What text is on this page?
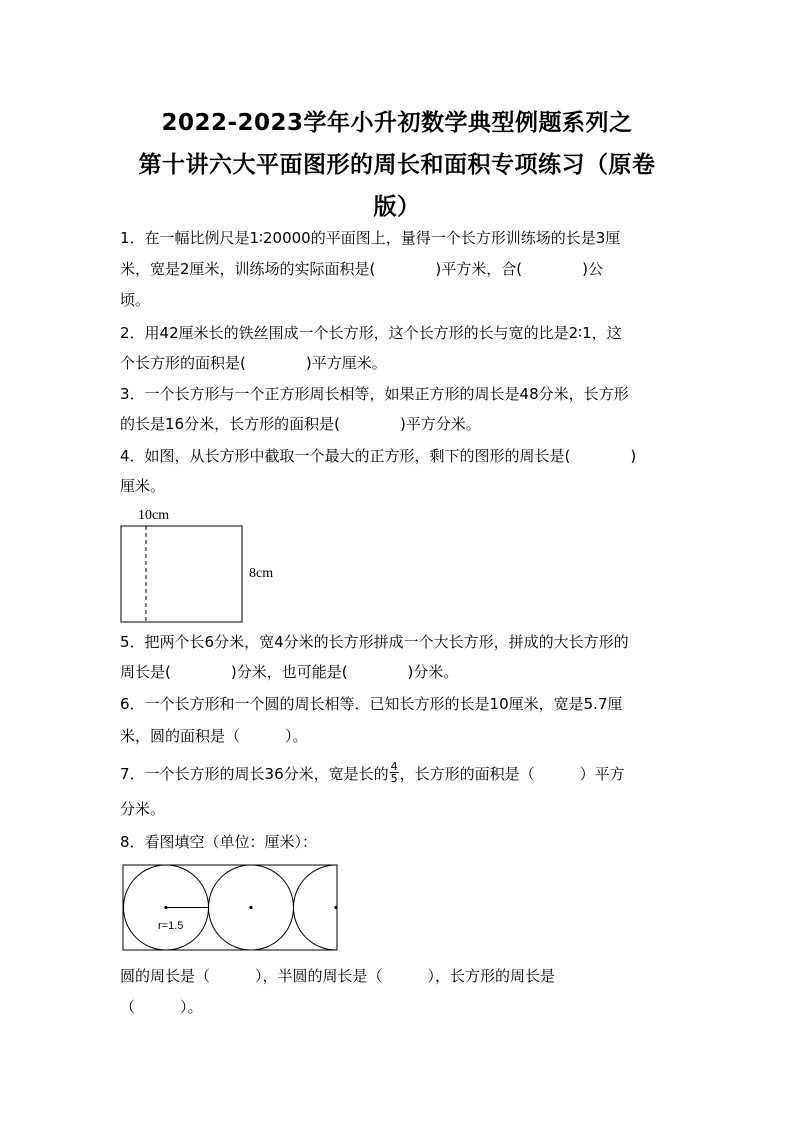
2022-2023学年小升初数学典型例题系列之
第十讲六大平面图形的周长和面积专项练习（原卷
版）
1．在一幅比例尺是1∶20000的平面图上，量得一个长方形训练场的长是3厘
米，宽是2厘米，训练场的实际面积是(　　　　)平方米，合(　　　　)公
顷。
2．用42厘米长的铁丝围成一个长方形，这个长方形的长与宽的比是2∶1，这
个长方形的面积是(　　　　)平方厘米。
3．一个长方形与一个正方形周长相等，如果正方形的周长是48分米，长方形
的长是16分米，长方形的面积是(　　　　)平方分米。
4．如图，从长方形中截取一个最大的正方形，剩下的图形的周长是(　　　　)
厘米。
10cm
8cm
5．把两个长6分米，宽4分米的长方形拼成一个大长方形，拼成的大长方形的
周长是(　　　　)分米，也可能是(　　　　)分米。
6．一个长方形和一个圆的周长相等．已知长方形的长是10厘米，宽是5.7厘
米，圆的面积是（　　　）。
7．一个长方形的周长36分米，宽是长的 $\frac{4}{5}$ ，长方形的面积是（　　　）平方
分米。
8．看图填空（单位：厘米）：
r=1.5
圆的周长是（　　　），半圆的周长是（　　　），长方形的周长是
（　　　）。
